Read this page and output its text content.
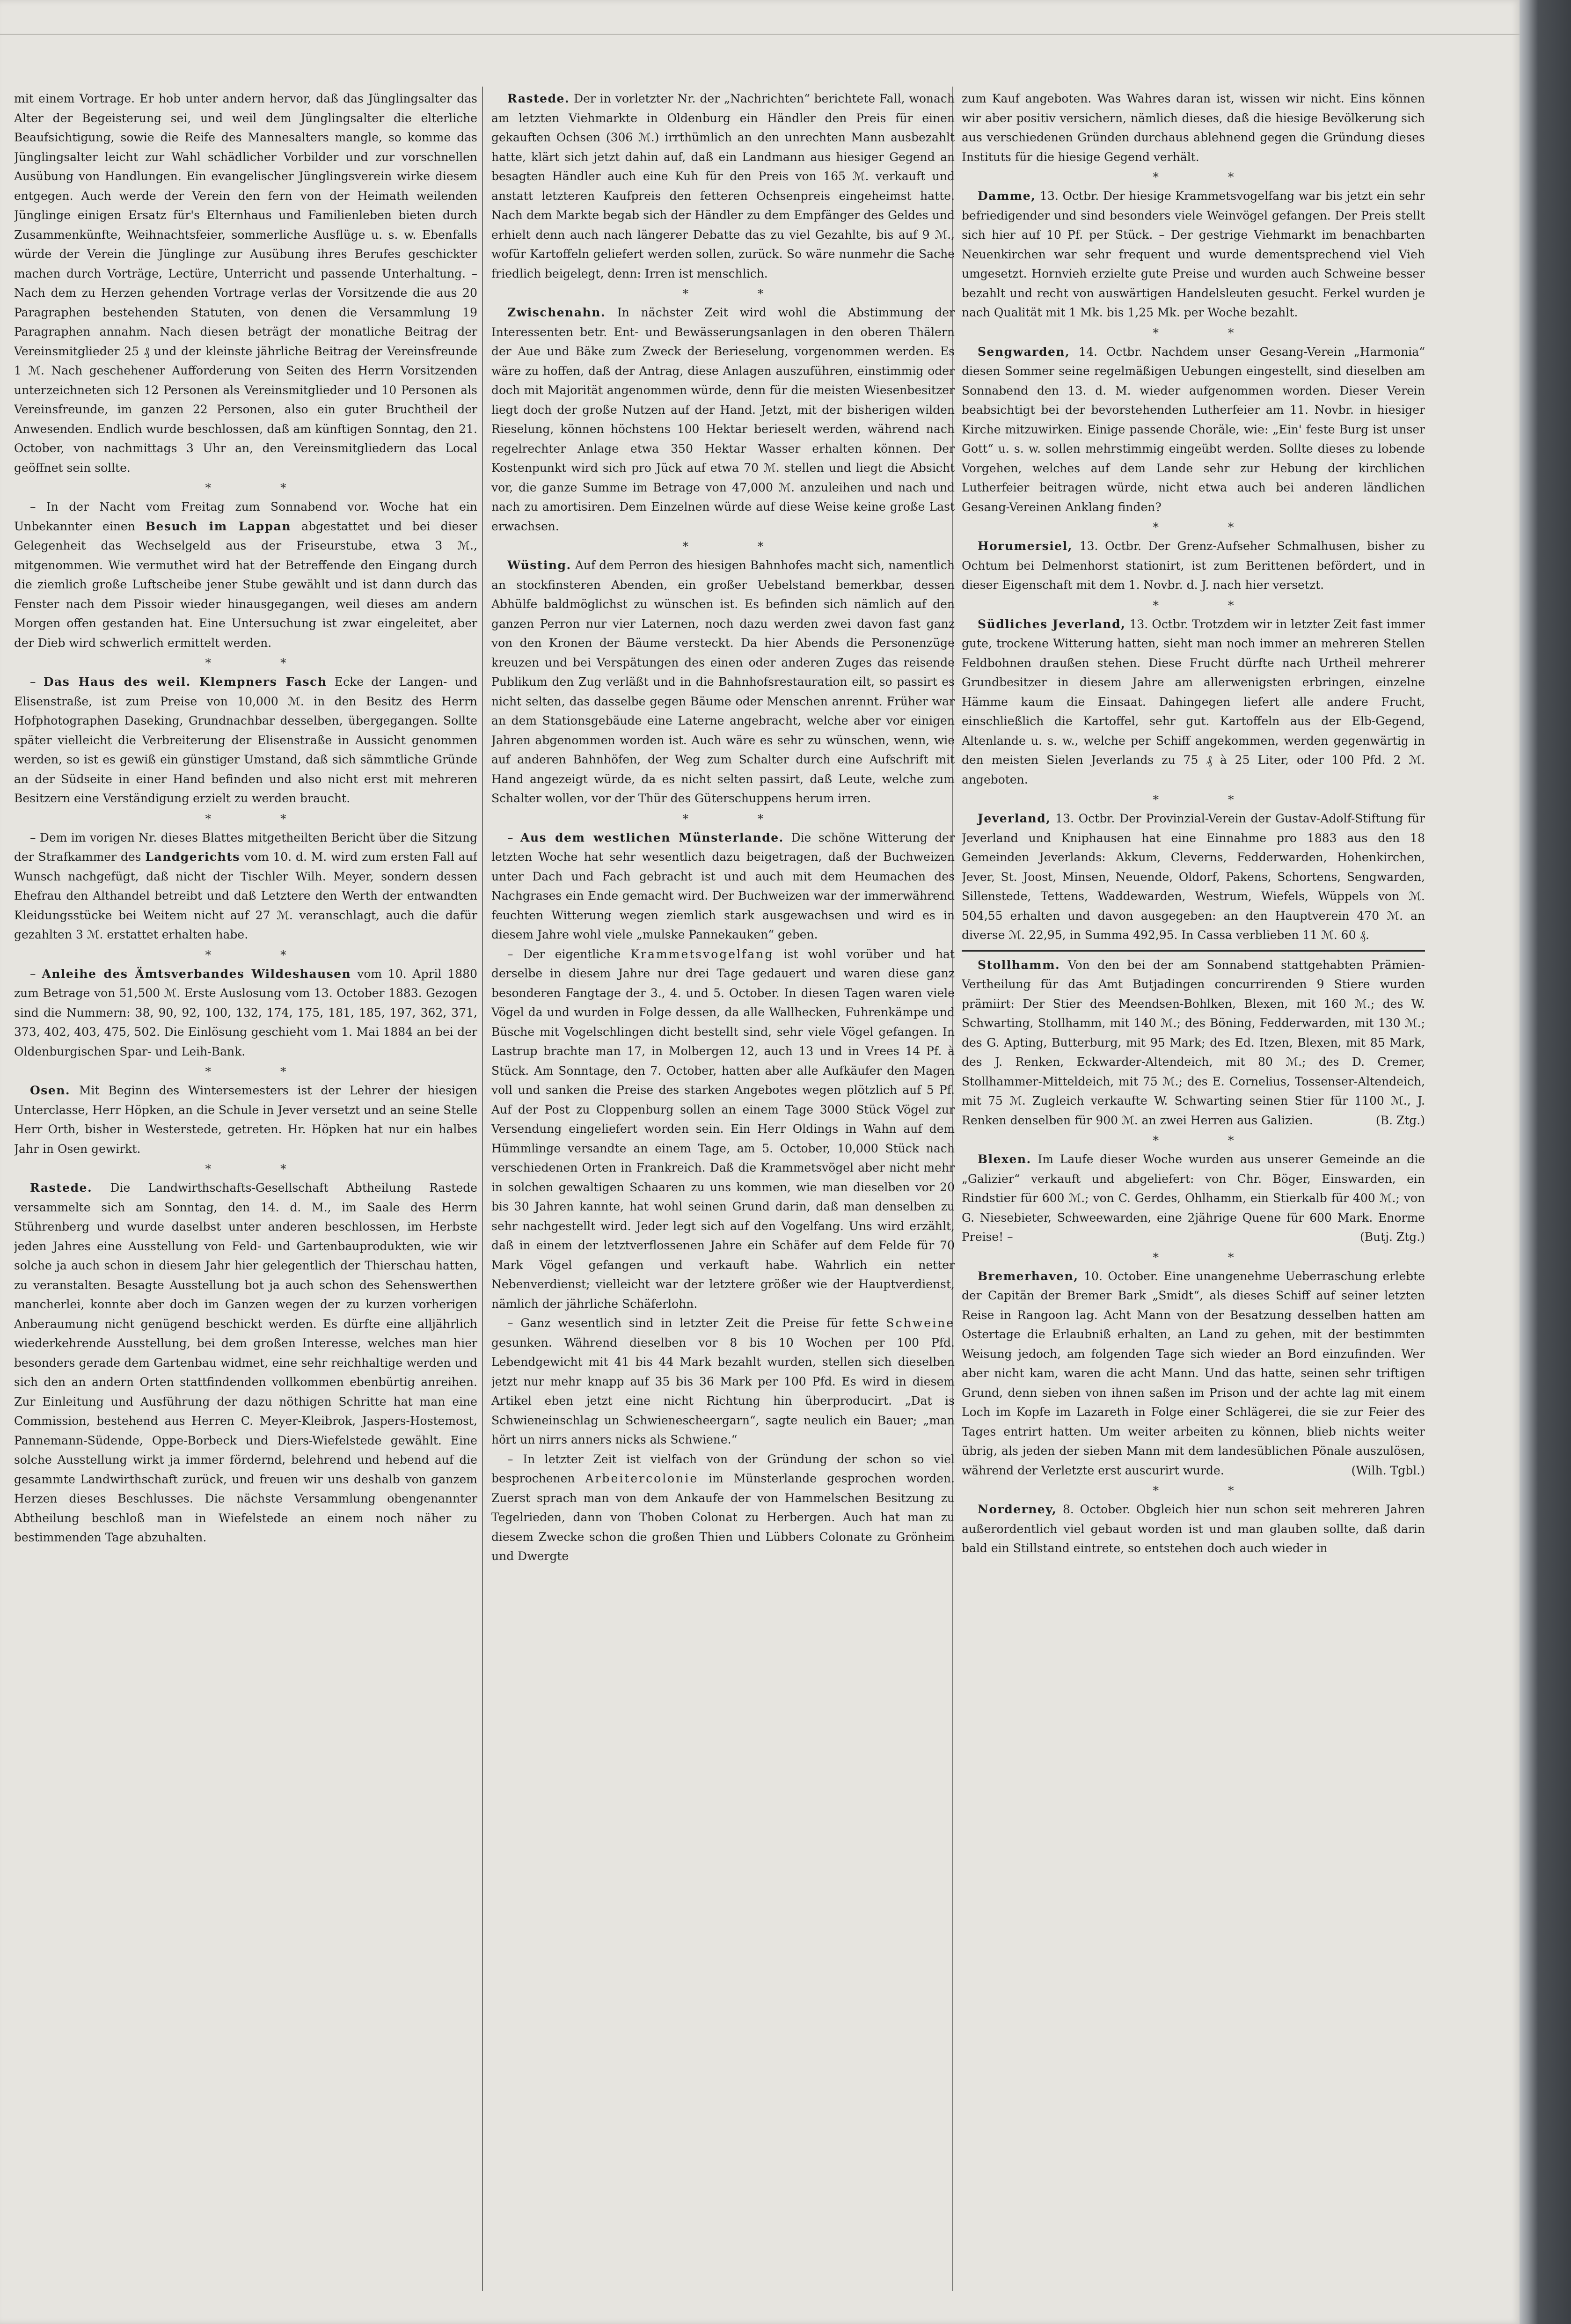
mit einem Vortrage. Er hob unter andern hervor, daß das Jünglingsalter das Alter der Begeisterung sei, und weil dem Jünglingsalter die elterliche Beaufsichtigung, sowie die Reife des Mannesalters mangle, so komme das Jünglingsalter leicht zur Wahl schädlicher Vorbilder und zur vorschnellen Ausübung von Handlungen. Ein evangelischer Jünglingsverein wirke diesem entgegen. Auch werde der Verein den fern von der Heimath weilenden Jünglinge einigen Ersatz für's Elternhaus und Familienleben bieten durch Zusammenkünfte, Weihnachtsfeier, sommerliche Ausflüge u. s. w. Ebenfalls würde der Verein die Jünglinge zur Ausübung ihres Berufes geschickter machen durch Vorträge, Lectüre, Unterricht und passende Unterhaltung. – Nach dem zu Herzen gehenden Vortrage verlas der Vorsitzende die aus 20 Paragraphen bestehenden Statuten, von denen die Versammlung 19 Paragraphen annahm. Nach diesen beträgt der monatliche Beitrag der Vereinsmitglieder 25 ₰ und der kleinste jährliche Beitrag der Vereinsfreunde 1 ℳ. Nach geschehener Aufforderung von Seiten des Herrn Vorsitzenden unterzeichneten sich 12 Personen als Vereinsmitglieder und 10 Personen als Vereinsfreunde, im ganzen 22 Personen, also ein guter Bruchtheil der Anwesenden. Endlich wurde beschlossen, daß am künftigen Sonntag, den 21. October, von nachmittags 3 Uhr an, den Vereinsmitgliedern das Local geöffnet sein sollte.

* *

– In der Nacht vom Freitag zum Sonnabend vor. Woche hat ein Unbekannter einen Besuch im Lappan abgestattet und bei dieser Gelegenheit das Wechselgeld aus der Friseurstube, etwa 3 ℳ., mitgenommen. Wie vermuthet wird hat der Betreffende den Eingang durch die ziemlich große Luftscheibe jener Stube gewählt und ist dann durch das Fenster nach dem Pissoir wieder hinausgegangen, weil dieses am andern Morgen offen gestanden hat. Eine Untersuchung ist zwar eingeleitet, aber der Dieb wird schwerlich ermittelt werden.

* *

– Das Haus des weil. Klempners Fasch Ecke der Langen- und Elisenstraße, ist zum Preise von 10,000 ℳ. in den Besitz des Herrn Hofphotographen Daseking, Grundnachbar desselben, übergegangen. Sollte später vielleicht die Verbreiterung der Elisenstraße in Aussicht genommen werden, so ist es gewiß ein günstiger Umstand, daß sich sämmtliche Gründe an der Südseite in einer Hand befinden und also nicht erst mit mehreren Besitzern eine Verständigung erzielt zu werden braucht.

* *

– Dem im vorigen Nr. dieses Blattes mitgetheilten Bericht über die Sitzung der Strafkammer des Landgerichts vom 10. d. M. wird zum ersten Fall auf Wunsch nachgefügt, daß nicht der Tischler Wilh. Meyer, sondern dessen Ehefrau den Althandel betreibt und daß Letztere den Werth der entwandten Kleidungsstücke bei Weitem nicht auf 27 ℳ. veranschlagt, auch die dafür gezahlten 3 ℳ. erstattet erhalten habe.

* *

– Anleihe des Ämtsverbandes Wildeshausen vom 10. April 1880 zum Betrage von 51,500 ℳ. Erste Auslosung vom 13. October 1883. Gezogen sind die Nummern: 38, 90, 92, 100, 132, 174, 175, 181, 185, 197, 362, 371, 373, 402, 403, 475, 502. Die Einlösung geschieht vom 1. Mai 1884 an bei der Oldenburgischen Spar- und Leih-Bank.

* *

Osen. Mit Beginn des Wintersemesters ist der Lehrer der hiesigen Unterclasse, Herr Höpken, an die Schule in Jever versetzt und an seine Stelle Herr Orth, bisher in Westerstede, getreten. Hr. Höpken hat nur ein halbes Jahr in Osen gewirkt.

* *

Rastede. Die Landwirthschafts-Gesellschaft Abtheilung Rastede versammelte sich am Sonntag, den 14. d. M., im Saale des Herrn Stührenberg und wurde daselbst unter anderen beschlossen, im Herbste jeden Jahres eine Ausstellung von Feld- und Gartenbauprodukten, wie wir solche ja auch schon in diesem Jahr hier gelegentlich der Thierschau hatten, zu veranstalten. Besagte Ausstellung bot ja auch schon des Sehenswerthen mancherlei, konnte aber doch im Ganzen wegen der zu kurzen vorherigen Anberaumung nicht genügend beschickt werden. Es dürfte eine alljährlich wiederkehrende Ausstellung, bei dem großen Interesse, welches man hier besonders gerade dem Gartenbau widmet, eine sehr reichhaltige werden und sich den an andern Orten stattfindenden vollkommen ebenbürtig anreihen. Zur Einleitung und Ausführung der dazu nöthigen Schritte hat man eine Commission, bestehend aus Herren C. Meyer-Kleibrok, Jaspers-Hostemost, Pannemann-Südende, Oppe-Borbeck und Diers-Wiefelstede gewählt. Eine solche Ausstellung wirkt ja immer fördernd, belehrend und hebend auf die gesammte Landwirthschaft zurück, und freuen wir uns deshalb von ganzem Herzen dieses Beschlusses. Die nächste Versammlung obengenannter Abtheilung beschloß man in Wiefelstede an einem noch näher zu bestimmenden Tage abzuhalten.

Rastede. Der in vorletzter Nr. der „Nachrichten“ berichtete Fall, wonach am letzten Viehmarkte in Oldenburg ein Händler den Preis für einen gekauften Ochsen (306 ℳ.) irrthümlich an den unrechten Mann ausbezahlt hatte, klärt sich jetzt dahin auf, daß ein Landmann aus hiesiger Gegend an besagten Händler auch eine Kuh für den Preis von 165 ℳ. verkauft und anstatt letzteren Kaufpreis den fetteren Ochsenpreis eingeheimst hatte. Nach dem Markte begab sich der Händler zu dem Empfänger des Geldes und erhielt denn auch nach längerer Debatte das zu viel Gezahlte, bis auf 9 ℳ., wofür Kartoffeln geliefert werden sollen, zurück. So wäre nunmehr die Sache friedlich beigelegt, denn: Irren ist menschlich.

* *

Zwischenahn. In nächster Zeit wird wohl die Abstimmung der Interessenten betr. Ent- und Bewässerungsanlagen in den oberen Thälern der Aue und Bäke zum Zweck der Berieselung, vorgenommen werden. Es wäre zu hoffen, daß der Antrag, diese Anlagen auszuführen, einstimmig oder doch mit Majorität angenommen würde, denn für die meisten Wiesenbesitzer liegt doch der große Nutzen auf der Hand. Jetzt, mit der bisherigen wilden Rieselung, können höchstens 100 Hektar berieselt werden, während nach regelrechter Anlage etwa 350 Hektar Wasser erhalten können. Der Kostenpunkt wird sich pro Jück auf etwa 70 ℳ. stellen und liegt die Absicht vor, die ganze Summe im Betrage von 47,000 ℳ. anzuleihen und nach und nach zu amortisiren. Dem Einzelnen würde auf diese Weise keine große Last erwachsen.

* *

Wüsting. Auf dem Perron des hiesigen Bahnhofes macht sich, namentlich an stockfinsteren Abenden, ein großer Uebelstand bemerkbar, dessen Abhülfe baldmöglichst zu wünschen ist. Es befinden sich nämlich auf den ganzen Perron nur vier Laternen, noch dazu werden zwei davon fast ganz von den Kronen der Bäume versteckt. Da hier Abends die Personenzüge kreuzen und bei Verspätungen des einen oder anderen Zuges das reisende Publikum den Zug verläßt und in die Bahnhofsrestauration eilt, so passirt es nicht selten, das dasselbe gegen Bäume oder Menschen anrennt. Früher war an dem Stationsgebäude eine Laterne angebracht, welche aber vor einigen Jahren abgenommen worden ist. Auch wäre es sehr zu wünschen, wenn, wie auf anderen Bahnhöfen, der Weg zum Schalter durch eine Aufschrift mit Hand angezeigt würde, da es nicht selten passirt, daß Leute, welche zum Schalter wollen, vor der Thür des Güterschuppens herum irren.

* *

– Aus dem westlichen Münsterlande. Die schöne Witterung der letzten Woche hat sehr wesentlich dazu beigetragen, daß der Buchweizen unter Dach und Fach gebracht ist und auch mit dem Heumachen des Nachgrases ein Ende gemacht wird. Der Buchweizen war der immerwährend feuchten Witterung wegen ziemlich stark ausgewachsen und wird es in diesem Jahre wohl viele „mulske Pannekauken“ geben.

– Der eigentliche Krammetsvogelfang ist wohl vorüber und hat derselbe in diesem Jahre nur drei Tage gedauert und waren diese ganz besonderen Fangtage der 3., 4. und 5. October. In diesen Tagen waren viele Vögel da und wurden in Folge dessen, da alle Wallhecken, Fuhrenkämpe und Büsche mit Vogelschlingen dicht bestellt sind, sehr viele Vögel gefangen. In Lastrup brachte man 17, in Molbergen 12, auch 13 und in Vrees 14 Pf. à Stück. Am Sonntage, den 7. October, hatten aber alle Aufkäufer den Magen voll und sanken die Preise des starken Angebotes wegen plötzlich auf 5 Pf. Auf der Post zu Cloppenburg sollen an einem Tage 3000 Stück Vögel zur Versendung eingeliefert worden sein. Ein Herr Oldings in Wahn auf dem Hümmlinge versandte an einem Tage, am 5. October, 10,000 Stück nach verschiedenen Orten in Frankreich. Daß die Krammetsvögel aber nicht mehr in solchen gewaltigen Schaaren zu uns kommen, wie man dieselben vor 20 bis 30 Jahren kannte, hat wohl seinen Grund darin, daß man denselben zu sehr nachgestellt wird. Jeder legt sich auf den Vogelfang. Uns wird erzählt, daß in einem der letztverflossenen Jahre ein Schäfer auf dem Felde für 70 Mark Vögel gefangen und verkauft habe. Wahrlich ein netter Nebenverdienst; vielleicht war der letztere größer wie der Hauptverdienst, nämlich der jährliche Schäferlohn.

– Ganz wesentlich sind in letzter Zeit die Preise für fette Schweine gesunken. Während dieselben vor 8 bis 10 Wochen per 100 Pfd. Lebendgewicht mit 41 bis 44 Mark bezahlt wurden, stellen sich dieselben jetzt nur mehr knapp auf 35 bis 36 Mark per 100 Pfd. Es wird in diesem Artikel eben jetzt eine nicht Richtung hin überproducirt. „Dat is Schwieneinschlag un Schwienescheergarn“, sagte neulich ein Bauer; „man hört un nirrs anners nicks als Schwiene.“

– In letzter Zeit ist vielfach von der Gründung der schon so viel besprochenen Arbeitercolonie im Münsterlande gesprochen worden. Zuerst sprach man von dem Ankaufe der von Hammelschen Besitzung zu Tegelrieden, dann von Thoben Colonat zu Herbergen. Auch hat man zu diesem Zwecke schon die großen Thien und Lübbers Colonate zu Grönheim und Dwergte

zum Kauf angeboten. Was Wahres daran ist, wissen wir nicht. Eins können wir aber positiv versichern, nämlich dieses, daß die hiesige Bevölkerung sich aus verschiedenen Gründen durchaus ablehnend gegen die Gründung dieses Instituts für die hiesige Gegend verhält.

* *

Damme, 13. Octbr. Der hiesige Krammetsvogelfang war bis jetzt ein sehr befriedigender und sind besonders viele Weinvögel gefangen. Der Preis stellt sich hier auf 10 Pf. per Stück. – Der gestrige Viehmarkt im benachbarten Neuenkirchen war sehr frequent und wurde dementsprechend viel Vieh umgesetzt. Hornvieh erzielte gute Preise und wurden auch Schweine besser bezahlt und recht von auswärtigen Handelsleuten gesucht. Ferkel wurden je nach Qualität mit 1 Mk. bis 1,25 Mk. per Woche bezahlt.

* *

Sengwarden, 14. Octbr. Nachdem unser Gesang-Verein „Harmonia“ diesen Sommer seine regelmäßigen Uebungen eingestellt, sind dieselben am Sonnabend den 13. d. M. wieder aufgenommen worden. Dieser Verein beabsichtigt bei der bevorstehenden Lutherfeier am 11. Novbr. in hiesiger Kirche mitzuwirken. Einige passende Choräle, wie: „Ein' feste Burg ist unser Gott“ u. s. w. sollen mehrstimmig eingeübt werden. Sollte dieses zu lobende Vorgehen, welches auf dem Lande sehr zur Hebung der kirchlichen Lutherfeier beitragen würde, nicht etwa auch bei anderen ländlichen Gesang-Vereinen Anklang finden?

* *

Horumersiel, 13. Octbr. Der Grenz-Aufseher Schmalhusen, bisher zu Ochtum bei Delmenhorst stationirt, ist zum Berittenen befördert, und in dieser Eigenschaft mit dem 1. Novbr. d. J. nach hier versetzt.

* *

Südliches Jeverland, 13. Octbr. Trotzdem wir in letzter Zeit fast immer gute, trockene Witterung hatten, sieht man noch immer an mehreren Stellen Feldbohnen draußen stehen. Diese Frucht dürfte nach Urtheil mehrerer Grundbesitzer in diesem Jahre am allerwenigsten erbringen, einzelne Hämme kaum die Einsaat. Dahingegen liefert alle andere Frucht, einschließlich die Kartoffel, sehr gut. Kartoffeln aus der Elb-Gegend, Altenlande u. s. w., welche per Schiff angekommen, werden gegenwärtig in den meisten Sielen Jeverlands zu 75 ₰ à 25 Liter, oder 100 Pfd. 2 ℳ. angeboten.

* *

Jeverland, 13. Octbr. Der Provinzial-Verein der Gustav-Adolf-Stiftung für Jeverland und Kniphausen hat eine Einnahme pro 1883 aus den 18 Gemeinden Jeverlands: Akkum, Cleverns, Fedderwarden, Hohenkirchen, Jever, St. Joost, Minsen, Neuende, Oldorf, Pakens, Schortens, Sengwarden, Sillenstede, Tettens, Waddewarden, Westrum, Wiefels, Wüppels von ℳ. 504,55 erhalten und davon ausgegeben: an den Hauptverein 470 ℳ. an diverse ℳ. 22,95, in Summa 492,95. In Cassa verblieben 11 ℳ. 60 ₰.

Stollhamm. Von den bei der am Sonnabend stattgehabten Prämien-Vertheilung für das Amt Butjadingen concurrirenden 9 Stiere wurden prämiirt: Der Stier des Meendsen-Bohlken, Blexen, mit 160 ℳ.; des W. Schwarting, Stollhamm, mit 140 ℳ.; des Böning, Fedderwarden, mit 130 ℳ.; des G. Apting, Butterburg, mit 95 Mark; des Ed. Itzen, Blexen, mit 85 Mark, des J. Renken, Eckwarder-Altendeich, mit 80 ℳ.; des D. Cremer, Stollhammer-Mitteldeich, mit 75 ℳ.; des E. Cornelius, Tossenser-Altendeich, mit 75 ℳ. Zugleich verkaufte W. Schwarting seinen Stier für 1100 ℳ., J. Renken denselben für 900 ℳ. an zwei Herren aus Galizien.	(B. Ztg.)

* *

Blexen. Im Laufe dieser Woche wurden aus unserer Gemeinde an die „Galizier“ verkauft und abgeliefert: von Chr. Böger, Einswarden, ein Rindstier für 600 ℳ.; von C. Gerdes, Ohlhamm, ein Stierkalb für 400 ℳ.; von G. Niesebieter, Schweewarden, eine 2jährige Quene für 600 Mark. Enorme Preise! –	(Butj. Ztg.)

* *

Bremerhaven, 10. October. Eine unangenehme Ueberraschung erlebte der Capitän der Bremer Bark „Smidt“, als dieses Schiff auf seiner letzten Reise in Rangoon lag. Acht Mann von der Besatzung desselben hatten am Ostertage die Erlaubniß erhalten, an Land zu gehen, mit der bestimmten Weisung jedoch, am folgenden Tage sich wieder an Bord einzufinden. Wer aber nicht kam, waren die acht Mann. Und das hatte, seinen sehr triftigen Grund, denn sieben von ihnen saßen im Prison und der achte lag mit einem Loch im Kopfe im Lazareth in Folge einer Schlägerei, die sie zur Feier des Tages entrirt hatten. Um weiter arbeiten zu können, blieb nichts weiter übrig, als jeden der sieben Mann mit dem landesüblichen Pönale auszulösen, während der Verletzte erst auscurirt wurde.	(Wilh. Tgbl.)

* *

Norderney, 8. October. Obgleich hier nun schon seit mehreren Jahren außerordentlich viel gebaut worden ist und man glauben sollte, daß darin bald ein Stillstand eintrete, so entstehen doch auch wieder in
